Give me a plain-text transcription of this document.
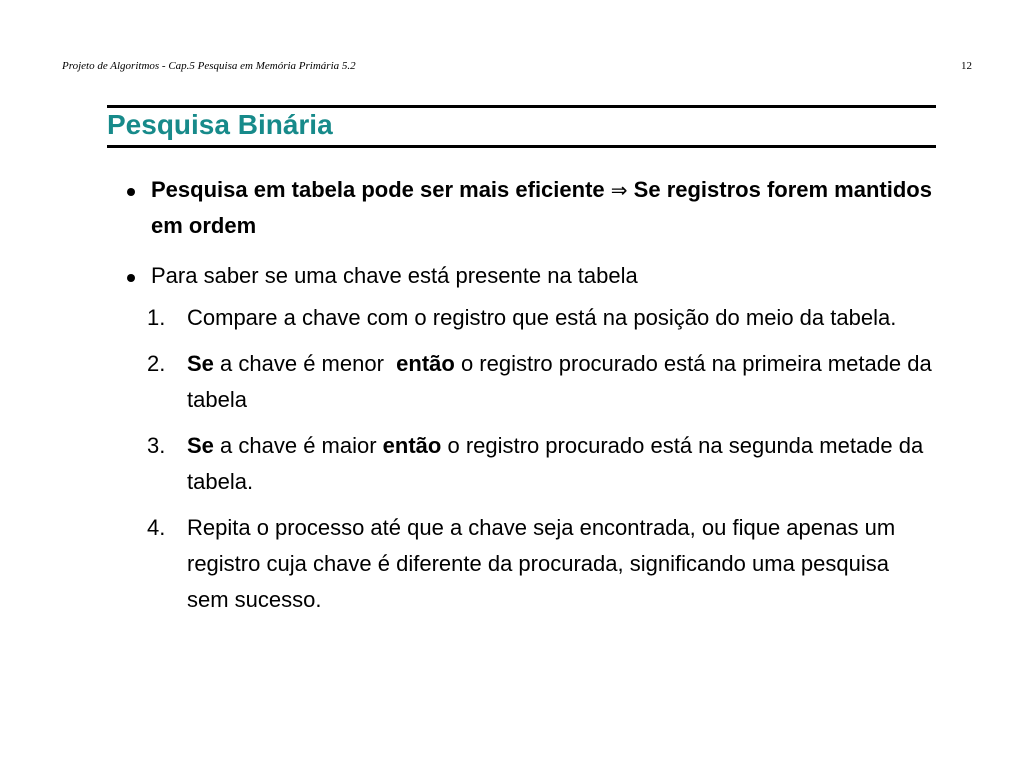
Projeto de Algoritmos - Cap.5 Pesquisa em Memória Primária 5.2	12
Pesquisa Binária
Pesquisa em tabela pode ser mais eficiente ⇒ Se registros forem mantidos em ordem
Para saber se uma chave está presente na tabela
1. Compare a chave com o registro que está na posição do meio da tabela.
2. Se a chave é menor  então o registro procurado está na primeira metade da tabela
3. Se a chave é maior então o registro procurado está na segunda metade da tabela.
4. Repita o processo até que a chave seja encontrada, ou fique apenas um registro cuja chave é diferente da procurada, significando uma pesquisa sem sucesso.
